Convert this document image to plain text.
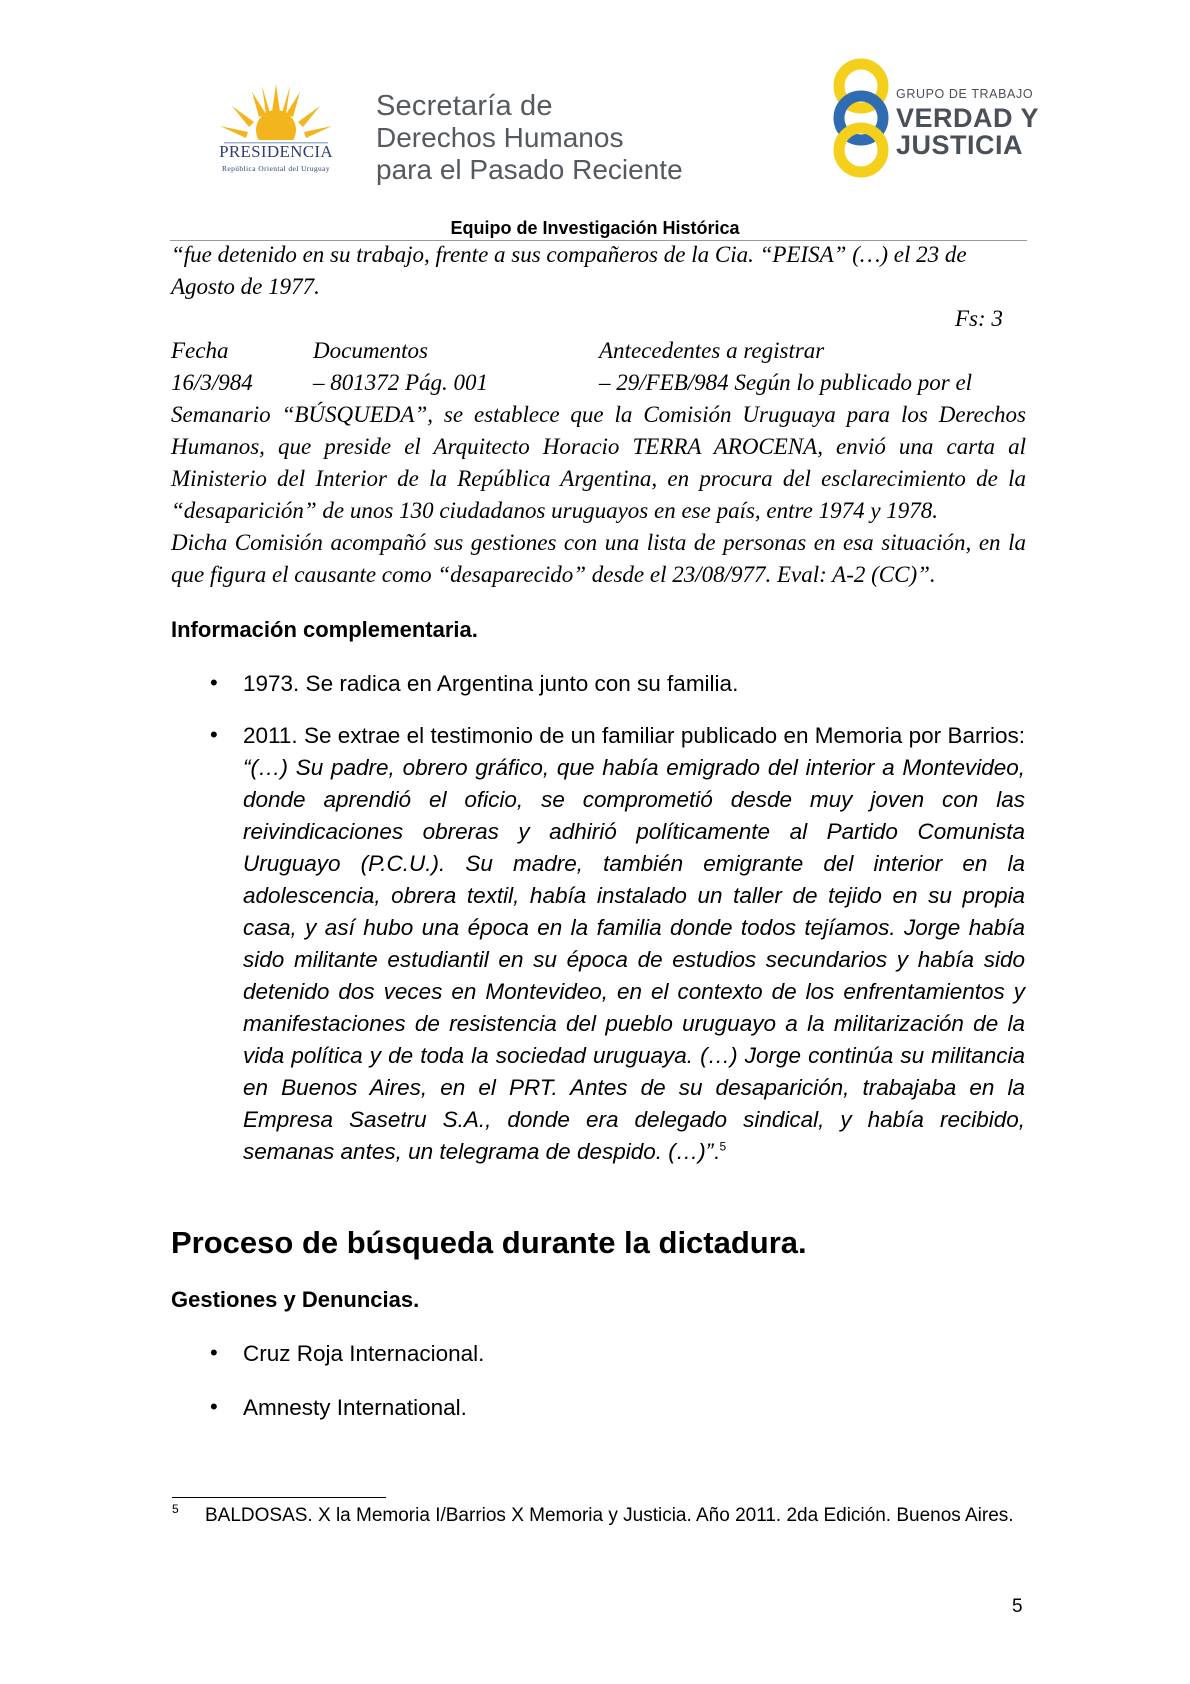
PRESIDENCIA
República Oriental del Uruguay
Secretaría de
Derechos Humanos
para el Pasado Reciente
GRUPO DE TRABAJO
VERDAD Y
JUSTICIA
Equipo de Investigación Histórica
“fue detenido en su trabajo, frente a sus compañeros de la Cia. “PEISA” (…) el 23 de
Agosto de 1977.
Fs: 3
Fecha	Documentos	Antecedentes a registrar
16/3/984	– 801372 Pág. 001	– 29/FEB/984 Según lo publicado por el
Semanario “BÚSQUEDA”, se establece que la Comisión Uruguaya para los Derechos Humanos, que preside el Arquitecto Horacio TERRA AROCENA, envió una carta al Ministerio del Interior de la República Argentina, en procura del esclarecimiento de la “desaparición” de unos 130 ciudadanos uruguayos en ese país, entre 1974 y 1978.
Dicha Comisión acompañó sus gestiones con una lista de personas en esa situación, en la que figura el causante como “desaparecido” desde el 23/08/977. Eval: A-2 (CC)”.
Información complementaria.
• 1973. Se radica en Argentina junto con su familia.
• 2011. Se extrae el testimonio de un familiar publicado en Memoria por Barrios: “(…) Su padre, obrero gráfico, que había emigrado del interior a Montevideo, donde aprendió el oficio, se comprometió desde muy joven con las reivindicaciones obreras y adhirió políticamente al Partido Comunista Uruguayo (P.C.U.). Su madre, también emigrante del interior en la adolescencia, obrera textil, había instalado un taller de tejido en su propia casa, y así hubo una época en la familia donde todos tejíamos. Jorge había sido militante estudiantil en su época de estudios secundarios y había sido detenido dos veces en Montevideo, en el contexto de los enfrentamientos y manifestaciones de resistencia del pueblo uruguayo a la militarización de la vida política y de toda la sociedad uruguaya. (…) Jorge continúa su militancia en Buenos Aires, en el PRT. Antes de su desaparición, trabajaba en la Empresa Sasetru S.A., donde era delegado sindical, y había recibido, semanas antes, un telegrama de despido. (…)”.$^5$
Proceso de búsqueda durante la dictadura.
Gestiones y Denuncias.
• Cruz Roja Internacional.
• Amnesty International.
5 BALDOSAS. X la Memoria I/Barrios X Memoria y Justicia. Año 2011. 2da Edición. Buenos Aires.
5
